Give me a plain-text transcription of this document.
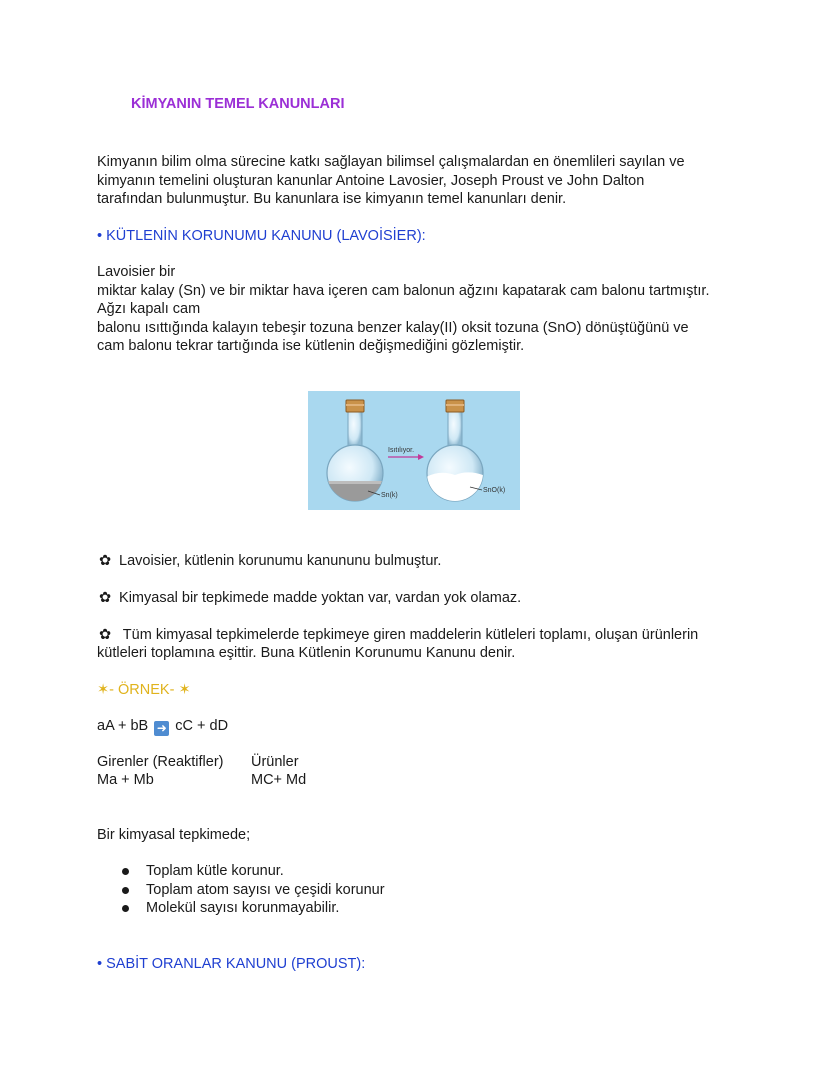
KİMYANIN TEMEL KANUNLARI
Kimyanın bilim olma sürecine katkı sağlayan bilimsel çalışmalardan en önemlileri sayılan ve
kimyanın temelini oluşturan kanunlar Antoine Lavosier, Joseph Proust ve John Dalton
tarafından bulunmuştur. Bu kanunlara ise kimyanın temel kanunları denir.
• KÜTLENİN KORUNUMU KANUNU (LAVOİSİER):
Lavoisier bir
miktar kalay (Sn) ve bir miktar hava içeren cam balonun ağzını kapatarak cam balonu tartmıştır.
Ağzı kapalı cam
balonu ısıttığında kalayın tebeşir tozuna benzer kalay(II) oksit tozuna (SnO) dönüştüğünü ve
cam balonu tekrar tartığında ise kütlenin değişmediğini gözlemiştir.
Isıtılıyor.
Sn(k)
SnO(k)
✿ Lavoisier, kütlenin korunumu kanununu bulmuştur.
✿ Kimyasal bir tepkimede madde yoktan var, vardan yok olamaz.
✿ Tüm kimyasal tepkimelerde tepkimeye giren maddelerin kütleleri toplamı, oluşan ürünlerin
kütleleri toplamına eşittir. Buna Kütlenin Korunumu Kanunu denir.
✶- ÖRNEK- ✶
aA + bB ➜ cC + dD
Girenler (Reaktifler) Ürünler
Ma + Mb	MC+ Md
Bir kimyasal tepkimede;
Toplam kütle korunur.
Toplam atom sayısı ve çeşidi korunur
Molekül sayısı korunmayabilir.
• SABİT ORANLAR KANUNU (PROUST):
